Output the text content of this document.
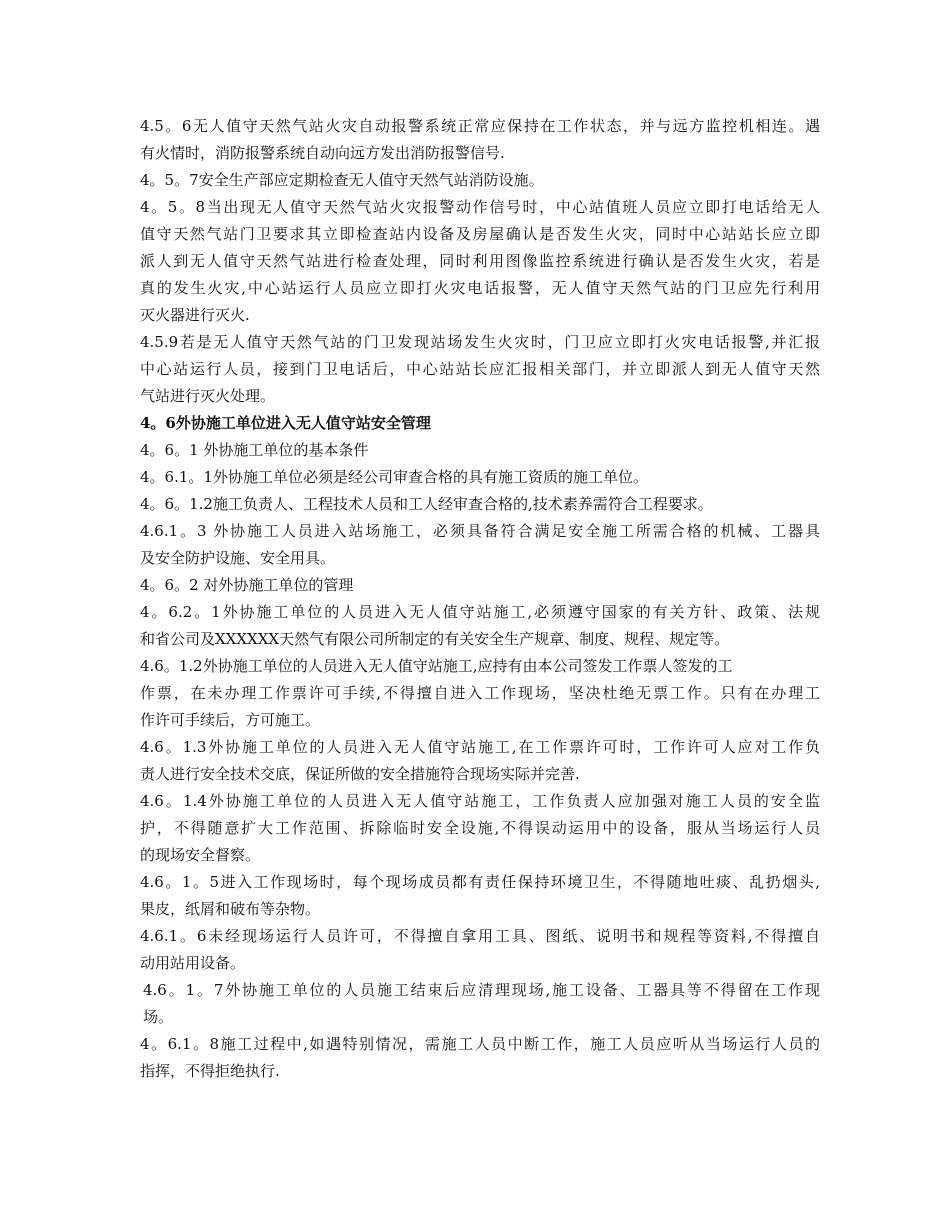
4.5。6无人值守天然气站火灾自动报警系统正常应保持在工作状态，并与远方监控机相连。遇
有火情时，消防报警系统自动向远方发出消防报警信号.
4。5。7安全生产部应定期检查无人值守天然气站消防设施。
4。5。8当出现无人值守天然气站火灾报警动作信号时，中心站值班人员应立即打电话给无人
值守天然气站门卫要求其立即检查站内设备及房屋确认是否发生火灾，同时中心站站长应立即
派人到无人值守天然气站进行检查处理，同时利用图像监控系统进行确认是否发生火灾，若是
真的发生火灾,中心站运行人员应立即打火灾电话报警，无人值守天然气站的门卫应先行利用
灭火器进行灭火.
4.5.9若是无人值守天然气站的门卫发现站场发生火灾时，门卫应立即打火灾电话报警,并汇报
中心站运行人员，接到门卫电话后，中心站站长应汇报相关部门，并立即派人到无人值守天然
气站进行灭火处理。
4。6外协施工单位进入无人值守站安全管理
4。6。1 外协施工单位的基本条件
4。6.1。1外协施工单位必须是经公司审查合格的具有施工资质的施工单位。
4。6。1.2施工负责人、工程技术人员和工人经审查合格的,技术素养需符合工程要求。
4.6.1。3 外协施工人员进入站场施工，必须具备符合满足安全施工所需合格的机械、工器具
及安全防护设施、安全用具。
4。6。2 对外协施工单位的管理
4。6.2。1外协施工单位的人员进入无人值守站施工,必须遵守国家的有关方针、政策、法规
和省公司及XXXXXX天然气有限公司所制定的有关安全生产规章、制度、规程、规定等。
4.6。1.2外协施工单位的人员进入无人值守站施工,应持有由本公司签发工作票人签发的工
作票，在未办理工作票许可手续,不得擅自进入工作现场，坚决杜绝无票工作。只有在办理工
作许可手续后，方可施工。
4.6。1.3外协施工单位的人员进入无人值守站施工,在工作票许可时，工作许可人应对工作负
责人进行安全技术交底，保证所做的安全措施符合现场实际并完善.
4.6。1.4外协施工单位的人员进入无人值守站施工，工作负责人应加强对施工人员的安全监
护，不得随意扩大工作范围、拆除临时安全设施,不得误动运用中的设备，服从当场运行人员
的现场安全督察。
4.6。1。5进入工作现场时，每个现场成员都有责任保持环境卫生，不得随地吐痰、乱扔烟头,
果皮，纸屑和破布等杂物。
4.6.1。6未经现场运行人员许可，不得擅自拿用工具、图纸、说明书和规程等资料,不得擅自
动用站用设备。
4.6。1。7外协施工单位的人员施工结束后应清理现场,施工设备、工器具等不得留在工作现
场。
4。6.1。8施工过程中,如遇特别情况，需施工人员中断工作，施工人员应听从当场运行人员的
指挥，不得拒绝执行.
